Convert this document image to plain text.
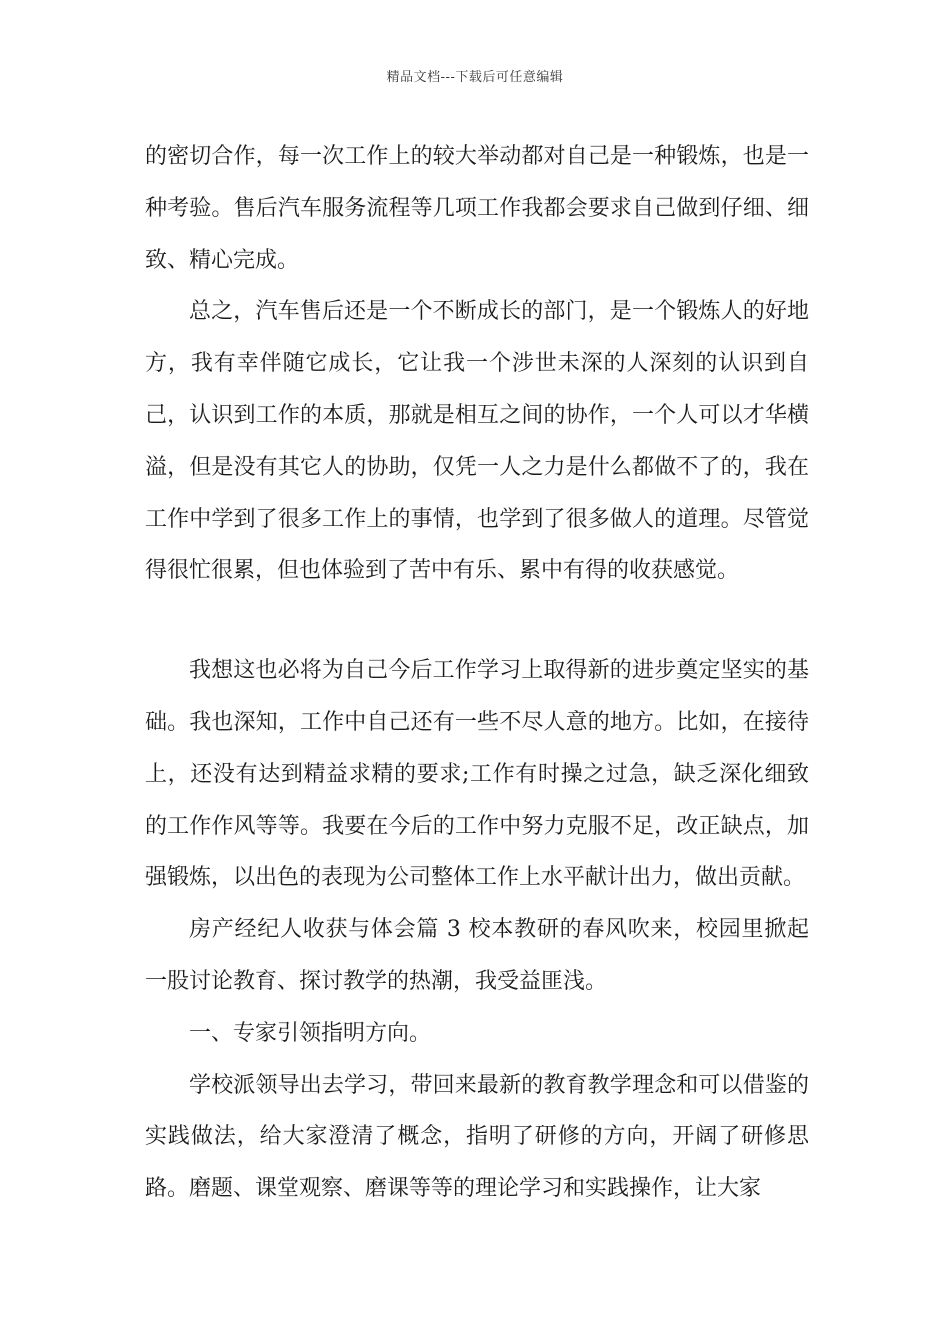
精品文档---下载后可任意编辑

的密切合作，每一次工作上的较大举动都对自己是一种锻炼，也是一种考验。售后汽车服务流程等几项工作我都会要求自己做到仔细、细致、精心完成。

总之，汽车售后还是一个不断成长的部门，是一个锻炼人的好地方，我有幸伴随它成长，它让我一个涉世未深的人深刻的认识到自己，认识到工作的本质，那就是相互之间的协作，一个人可以才华横溢，但是没有其它人的协助，仅凭一人之力是什么都做不了的，我在工作中学到了很多工作上的事情，也学到了很多做人的道理。尽管觉得很忙很累，但也体验到了苦中有乐、累中有得的收获感觉。

我想这也必将为自己今后工作学习上取得新的进步奠定坚实的基础。我也深知，工作中自己还有一些不尽人意的地方。比如，在接待上，还没有达到精益求精的要求;工作有时操之过急，缺乏深化细致的工作作风等等。我要在今后的工作中努力克服不足，改正缺点，加强锻炼，以出色的表现为公司整体工作上水平献计出力，做出贡献。

房产经纪人收获与体会篇 3 校本教研的春风吹来，校园里掀起一股讨论教育、探讨教学的热潮，我受益匪浅。

一、专家引领指明方向。

学校派领导出去学习，带回来最新的教育教学理念和可以借鉴的实践做法，给大家澄清了概念，指明了研修的方向，开阔了研修思路。磨题、课堂观察、磨课等等的理论学习和实践操作，让大家
